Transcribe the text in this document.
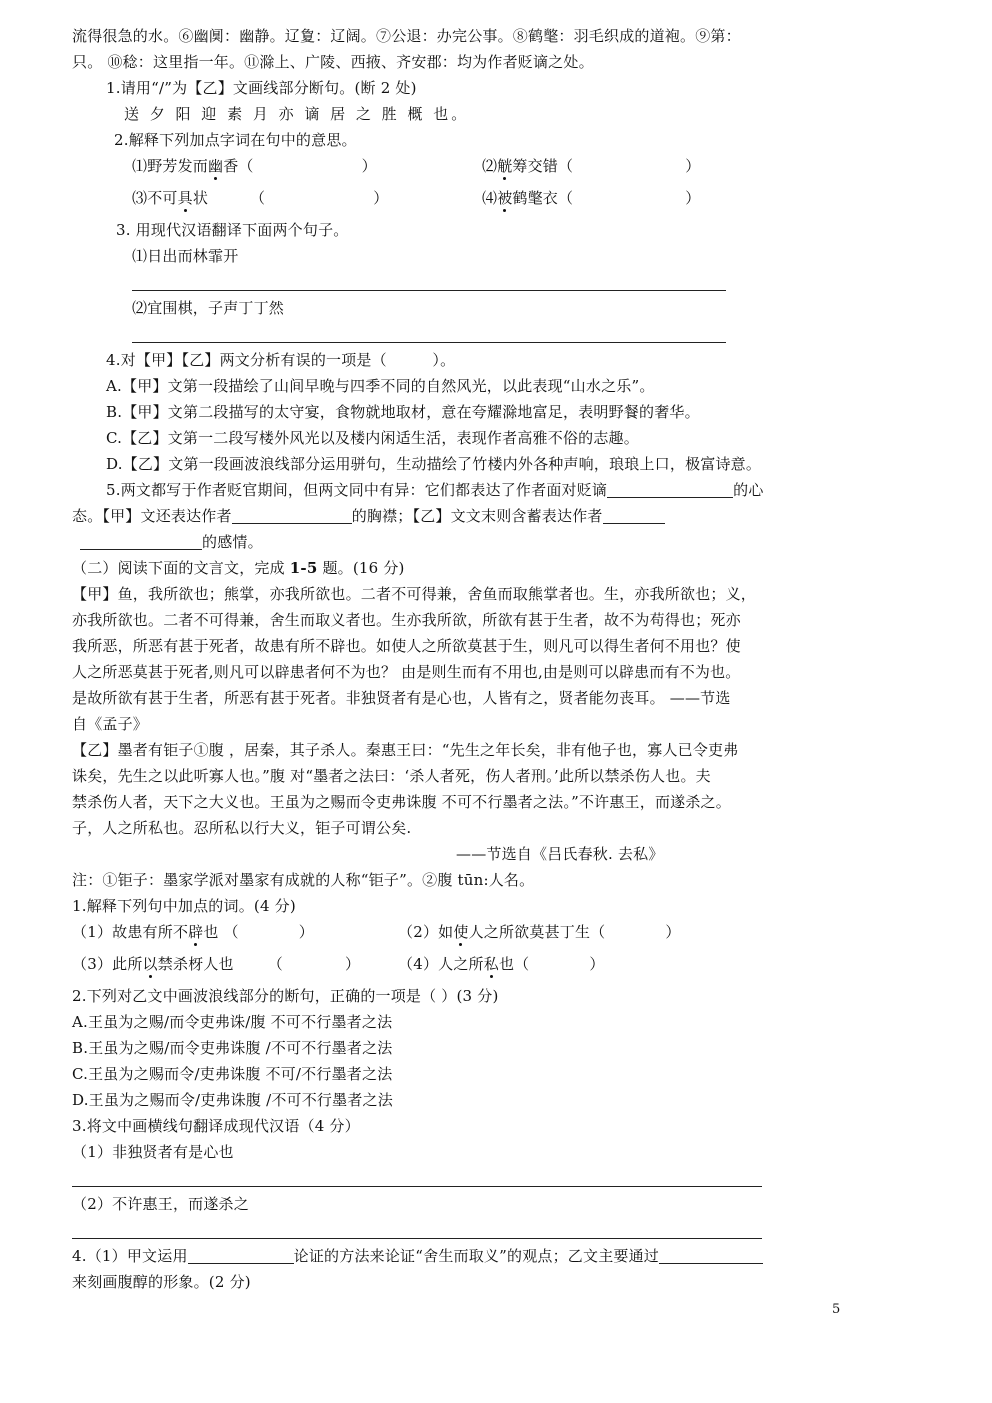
流得很急的水。⑥幽阒：幽静。辽夐：辽阔。⑦公退：办完公事。⑧鹤氅：羽毛织成的道袍。⑨第：
只。 ⑩稔：这里指一年。⑪滁上、广陵、西掖、齐安郡：均为作者贬谪之处。
1.请用“/”为【乙】文画线部分断句。(断 2 处)
送 夕 阳 迎 素 月 亦 谪 居 之 胜 概 也。
2.解释下列加点字词在句中的意思。
⑴野芳发而幽香（	）	⑵觥筹交错（	）
⑶不可具状	（	）	⑷被鹤氅衣（	）
3. 用现代汉语翻译下面两个句子。
⑴日出而林霏开
⑵宜围棋，子声丁丁然
4.对【甲】【乙】两文分析有误的一项是（　　　）。
A.【甲】文第一段描绘了山间早晚与四季不同的自然风光，以此表现“山水之乐”。
B.【甲】文第二段描写的太守宴，食物就地取材，意在夸耀滁地富足，表明野餐的奢华。
C.【乙】文第一二段写楼外风光以及楼内闲适生活，表现作者高雅不俗的志趣。
D.【乙】文第一段画波浪线部分运用骈句，生动描绘了竹楼内外各种声响，琅琅上口，极富诗意。
5.两文都写于作者贬官期间，但两文同中有异：它们都表达了作者面对贬谪	的心
态。【甲】文还表达作者	的胸襟；【乙】文文末则含蓄表达作者
的感情。
（二）阅读下面的文言文，完成 1-5 题。(16 分)
【甲】鱼，我所欲也；熊掌，亦我所欲也。二者不可得兼，舍鱼而取熊掌者也。生，亦我所欲也；义，
亦我所欲也。二者不可得兼，舍生而取义者也。生亦我所欲，所欲有甚于生者，故不为苟得也；死亦
我所恶，所恶有甚于死者，故患有所不辟也。如使人之所欲莫甚于生，则凡可以得生者何不用也？使
人之所恶莫甚于死者,则凡可以辟患者何不为也？ 由是则生而有不用也,由是则可以辟患而有不为也。
是故所欲有甚于生者，所恶有甚于死者。非独贤者有是心也，人皆有之，贤者能勿丧耳。 ——节选
自《孟子》
【乙】墨者有钜子①腹 ，居秦，其子杀人。秦惠王曰：“先生之年长矣，非有他子也，寡人已令吏弗
诛矣，先生之以此听寡人也。”腹 对“墨者之法曰：‘杀人者死，伤人者刑。’此所以禁杀伤人也。夫
禁杀伤人者，天下之大义也。王虽为之赐而令吏弗诛腹 不可不行墨者之法。”不许惠王，而遂杀之。
子，人之所私也。忍所私以行大义，钜子可谓公矣.
——节选自《吕氏春秋. 去私》
注：①钜子：墨家学派对墨家有成就的人称“钜子”。②腹 tūn:人名。
1.解释下列句中加点的词。(4 分)
（1）故患有所不辟也 （	）	（2）如使人之所欲莫甚丁生（	）
（3）此所以禁杀枒人也 （	）	（4）人之所私也（	）
2.下列对乙文中画波浪线部分的断句，正确的一项是（ ）(3 分)
A.王虽为之赐/而令吏弗诛/腹 不可不行墨者之法
B.王虽为之赐/而令吏弗诛腹 /不可不行墨者之法
C.王虽为之赐而令/吏弗诛腹 不可/不行墨者之法
D.王虽为之赐而令/吏弗诛腹 /不可不行墨者之法
3.将文中画横线句翻译成现代汉语（4 分）
（1）非独贤者有是心也
（2）不许惠王，而遂杀之
4.（1）甲文运用	论证的方法来论证“舍生而取义”的观点；乙文主要通过
来刻画腹醇的形象。(2 分)
5
